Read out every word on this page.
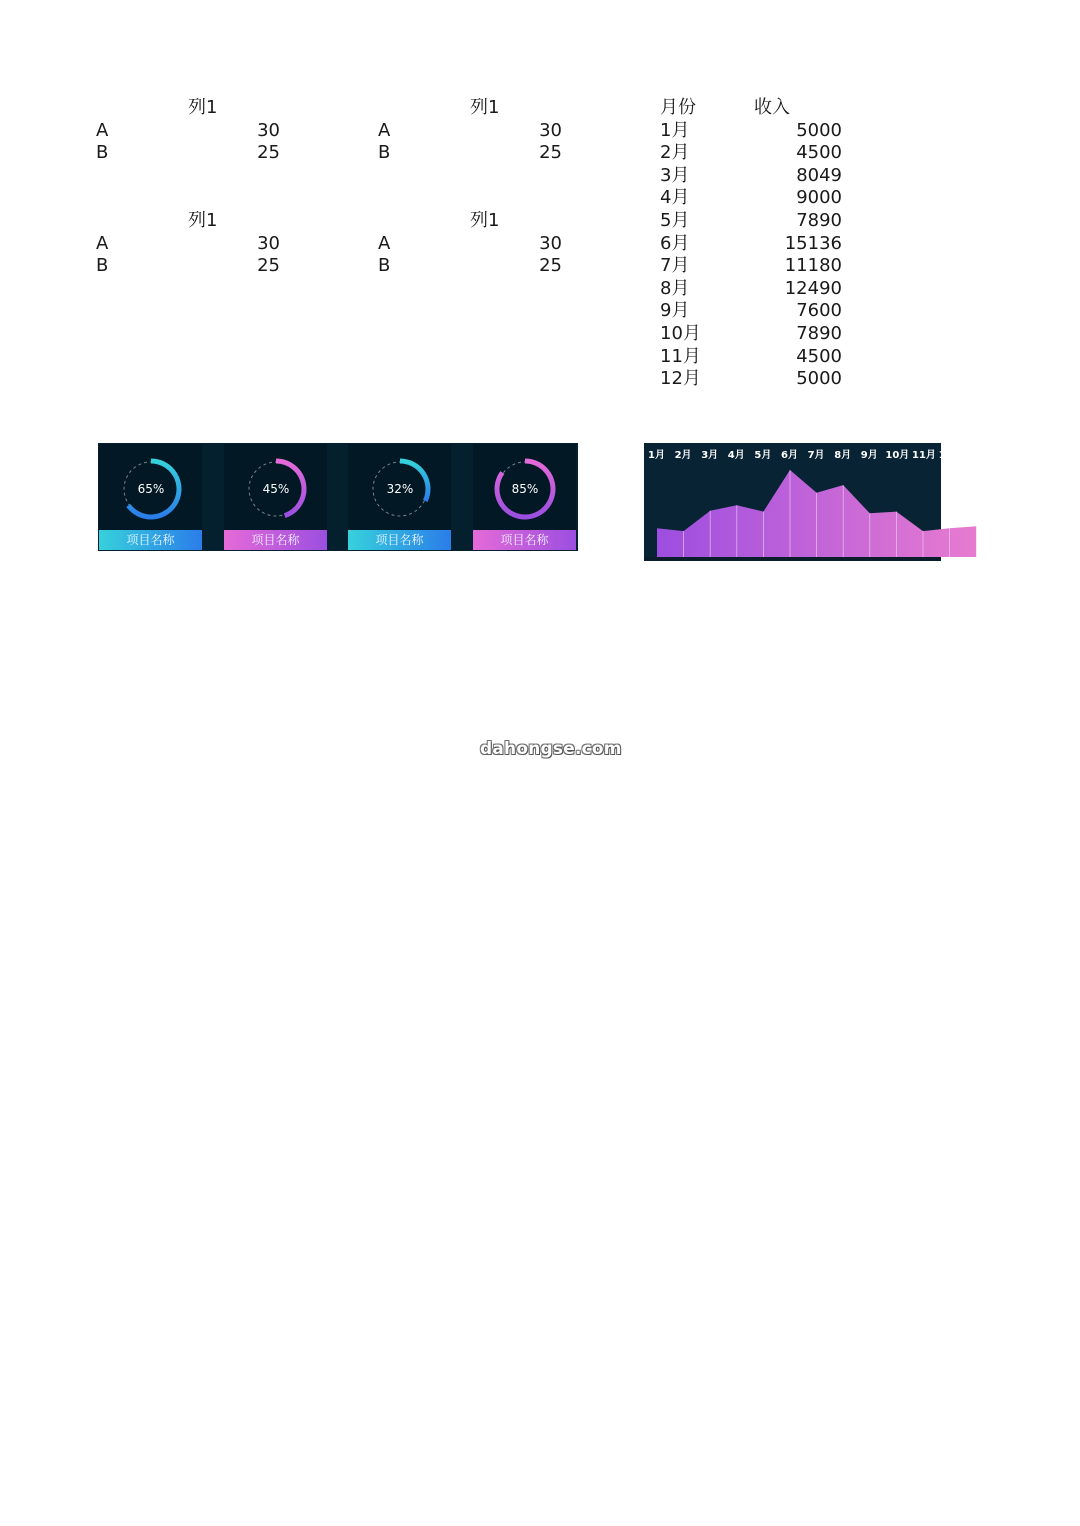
列1
A	30
B	25
列1
A	30
B	25
列1
A	30
B	25
列1
A	30
B	25
月份	收入
1月	5000
2月	4500
3月	8049
4月	9000
5月	7890
6月	15136
7月	11180
8月	12490
9月	7600
10月	7890
11月	4500
12月	5000
65%
项目名称
45%
项目名称
32%
项目名称
85%
项目名称
1月 2月 3月 4月 5月 6月 7月 8月 9月 10月 11月 12月
dahongse.com
